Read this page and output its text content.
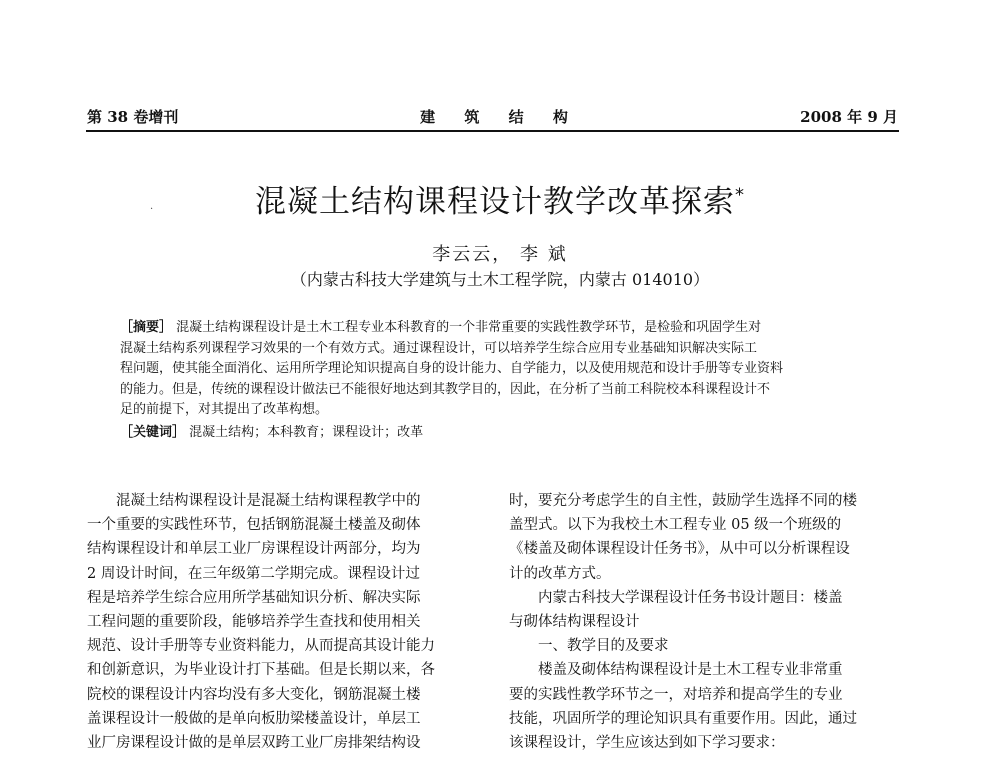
第 38 卷增刊	建 筑 结 构	2008 年 9 月
·	混凝土结构课程设计教学改革探索*
李云云， 李 斌
（内蒙古科技大学建筑与土木工程学院，内蒙古 014010）
［摘要］ 混凝土结构课程设计是土木工程专业本科教育的一个非常重要的实践性教学环节，是检验和巩固学生对
混凝土结构系列课程学习效果的一个有效方式。通过课程设计，可以培养学生综合应用专业基础知识解决实际工
程问题，使其能全面消化、运用所学理论知识提高自身的设计能力、自学能力，以及使用规范和设计手册等专业资料
的能力。但是，传统的课程设计做法已不能很好地达到其教学目的，因此，在分析了当前工科院校本科课程设计不
足的前提下，对其提出了改革构想。
［关键词］ 混凝土结构；本科教育；课程设计；改革
混凝土结构课程设计是混凝土结构课程教学中的
一个重要的实践性环节，包括钢筋混凝土楼盖及砌体
结构课程设计和单层工业厂房课程设计两部分，均为
2 周设计时间，在三年级第二学期完成。课程设计过
程是培养学生综合应用所学基础知识分析、解决实际
工程问题的重要阶段，能够培养学生查找和使用相关
规范、设计手册等专业资料能力，从而提高其设计能力
和创新意识，为毕业设计打下基础。但是长期以来，各
院校的课程设计内容均没有多大变化，钢筋混凝土楼
盖课程设计一般做的是单向板肋梁楼盖设计，单层工
业厂房课程设计做的是单层双跨工业厂房排架结构设
时，要充分考虑学生的自主性，鼓励学生选择不同的楼
盖型式。以下为我校土木工程专业 05 级一个班级的
《楼盖及砌体课程设计任务书》，从中可以分析课程设
计的改革方式。
内蒙古科技大学课程设计任务书设计题目：楼盖
与砌体结构课程设计
一、教学目的及要求
楼盖及砌体结构课程设计是土木工程专业非常重
要的实践性教学环节之一，对培养和提高学生的专业
技能，巩固所学的理论知识具有重要作用。因此，通过
该课程设计，学生应该达到如下学习要求：
